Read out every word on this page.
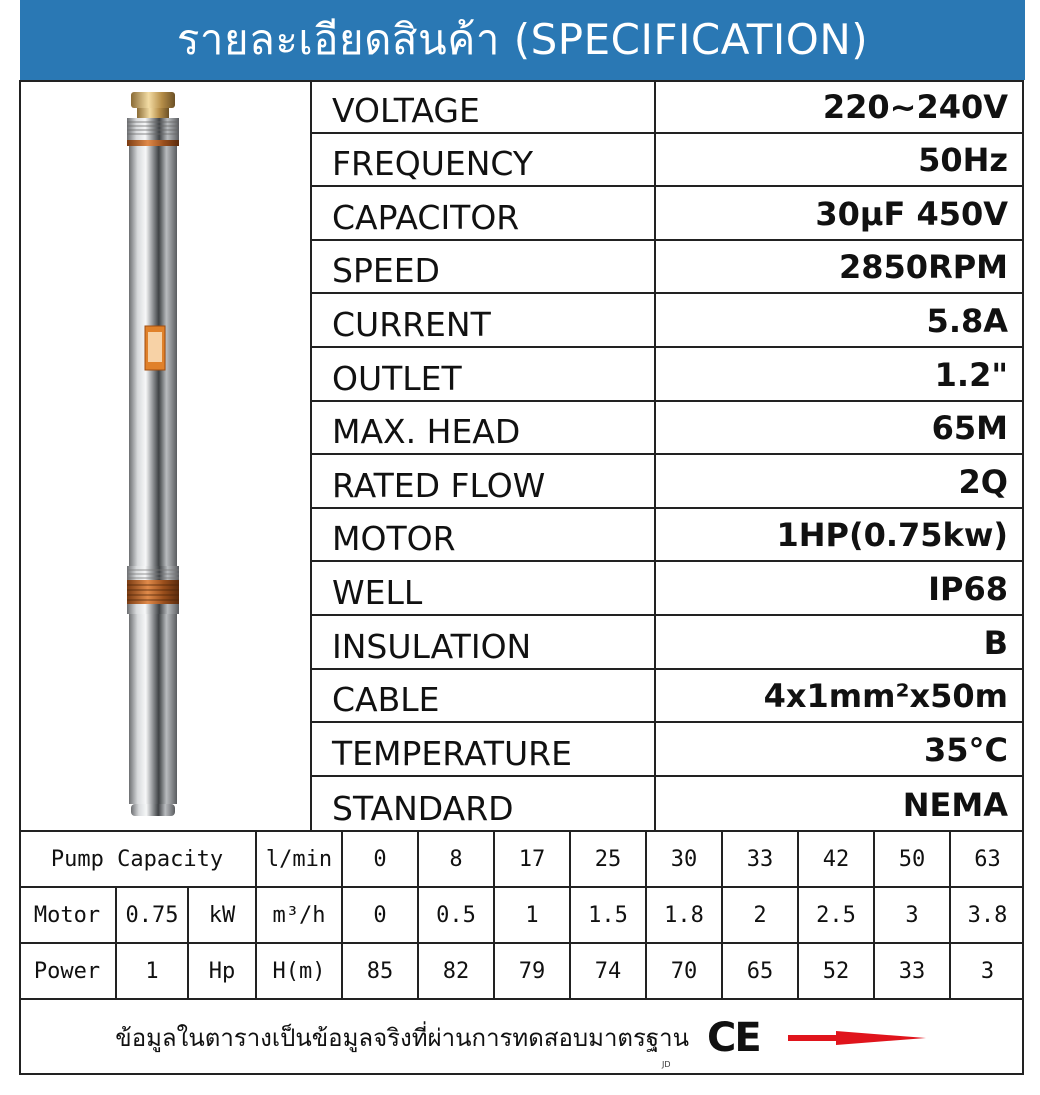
รายละเอียดสินค้า (SPECIFICATION)
VOLTAGE	220~240V
FREQUENCY	50Hz
CAPACITOR	30μF 450V
SPEED	2850RPM
CURRENT	5.8A
OUTLET	1.2"
MAX. HEAD	65M
RATED FLOW	2Q
MOTOR	1HP(0.75kw)
WELL	IP68
INSULATION	B
CABLE	4x1mm²x50m
TEMPERATURE	35°C
STANDARD	NEMA
Pump Capacity	l/min	0	8	17	25	30	33	42	50	63
Motor	0.75	kW	m³/h	0	0.5	1	1.5	1.8	2	2.5	3	3.8
Power	1	Hp	H(m)	85	82	79	74	70	65	52	33	3
ข้อมูลในตารางเป็นข้อมูลจริงที่ผ่านการทดสอบมาตรฐาน CE
JD
